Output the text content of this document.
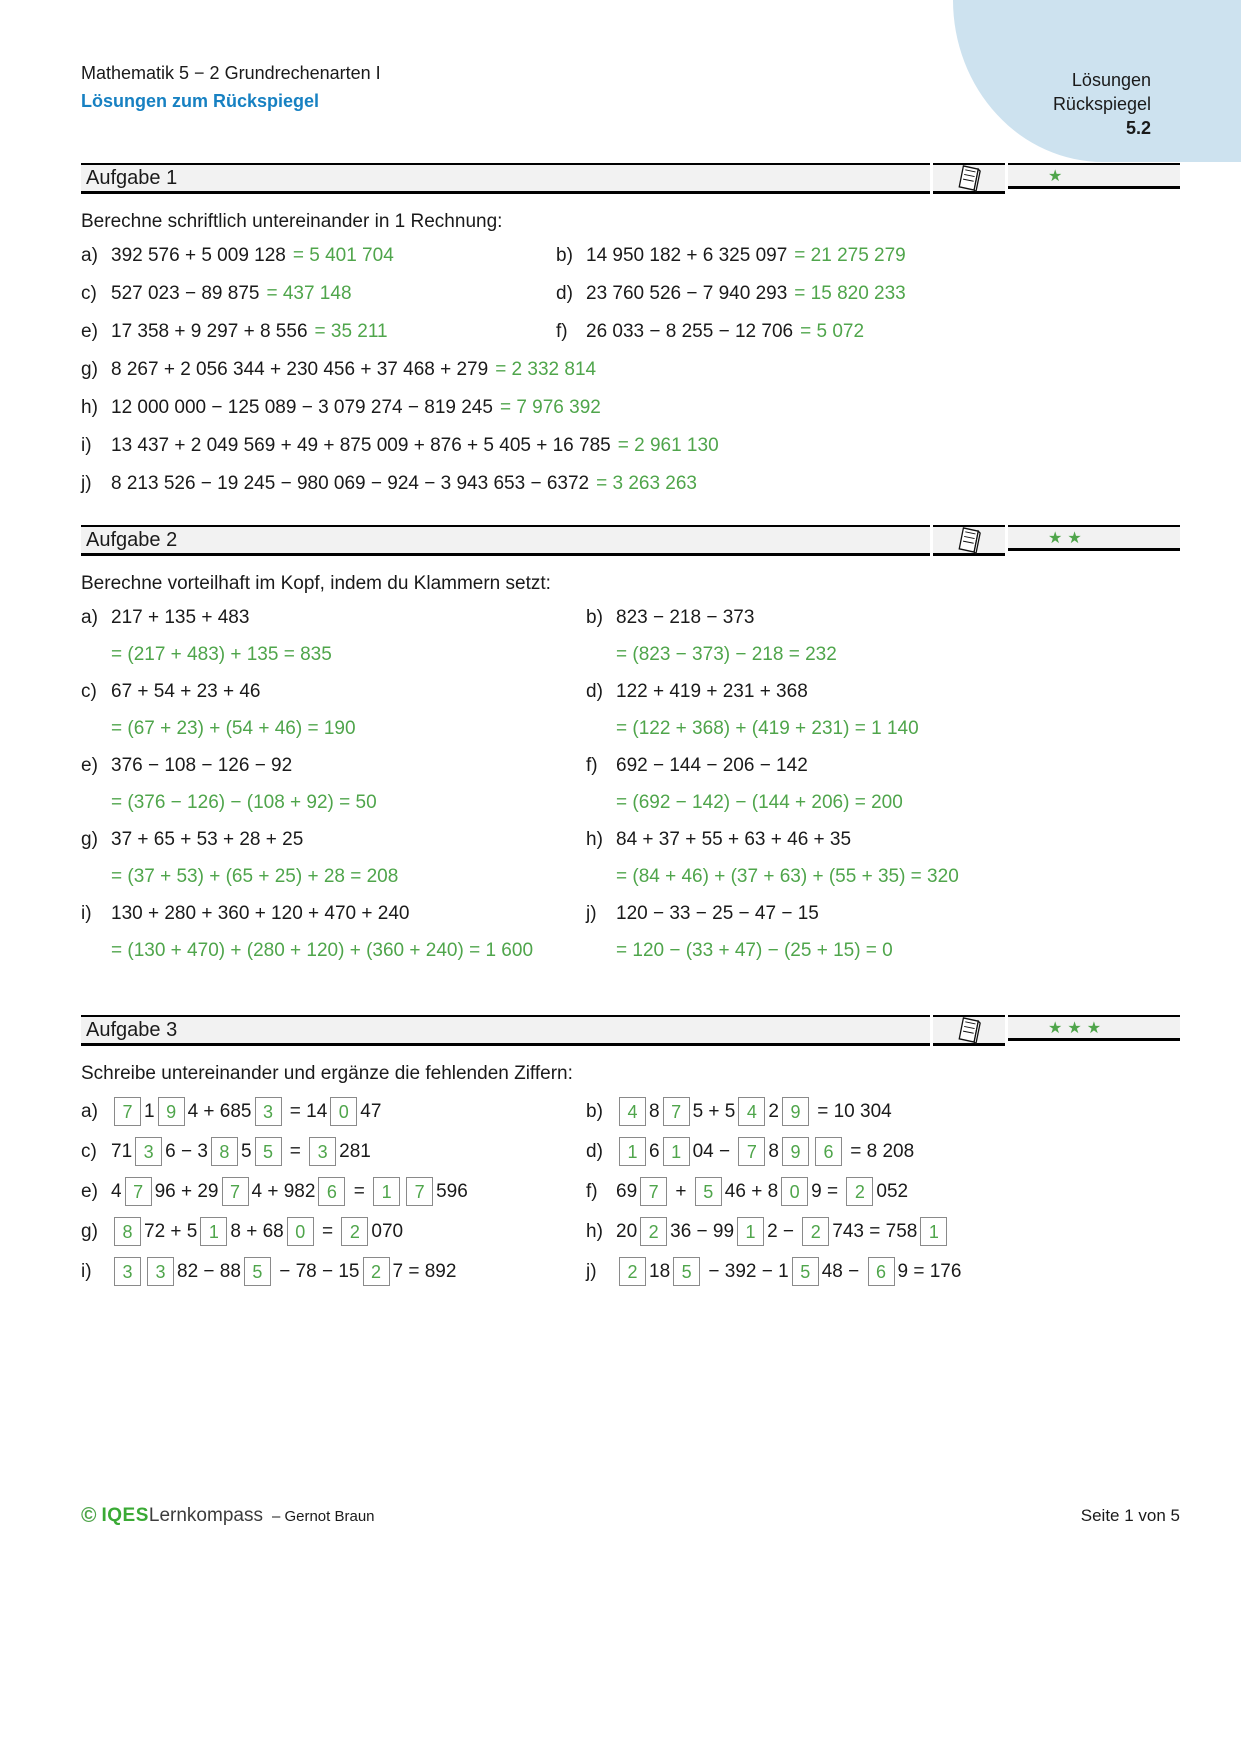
Lösungen
Rückspiegel
5.2
Mathematik 5 − 2 Grundrechenarten I
Lösungen zum Rückspiegel
Aufgabe 1	★

Berechne schriftlich untereinander in 1 Rechnung:

a) 392 576 + 5 009 128 = 5 401 704	b) 14 950 182 + 6 325 097 = 21 275 279
c) 527 023 − 89 875 = 437 148	d) 23 760 526 − 7 940 293 = 15 820 233
e) 17 358 + 9 297 + 8 556 = 35 211	f) 26 033 − 8 255 − 12 706 = 5 072
g) 8 267 + 2 056 344 + 230 456 + 37 468 + 279 = 2 332 814
h) 12 000 000 − 125 089 − 3 079 274 − 819 245 = 7 976 392
i)	13 437 + 2 049 569 + 49 + 875 009 + 876 + 5 405 + 16 785 = 2 961 130
j)	8 213 526 − 19 245 − 980 069 − 924 − 3 943 653 − 6372 = 3 263 263
Aufgabe 2	★★

Berechne vorteilhaft im Kopf, indem du Klammern setzt:

a) 217 + 135 + 483
= (217 + 483) + 135 = 835
b) 823 − 218 − 373
= (823 − 373) − 218 = 232
c) 67 + 54 + 23 + 46
= (67 + 23) + (54 + 46) = 190
d) 122 + 419 + 231 + 368
= (122 + 368) + (419 + 231) = 1 140
e) 376 − 108 − 126 − 92
= (376 − 126) − (108 + 92) = 50
f) 692 − 144 − 206 − 142
= (692 − 142) − (144 + 206) = 200
g) 37 + 65 + 53 + 28 + 25
= (37 + 53) + (65 + 25) + 28 = 208
h) 84 + 37 + 55 + 63 + 46 + 35
= (84 + 46) + (37 + 63) + (55 + 35) = 320
i)	130 + 280 + 360 + 120 + 470 + 240
= (130 + 470) + (280 + 120) + (360 + 240) = 1 600
j)	120 − 33 − 25 − 47 − 15
= 120 − (33 + 47) − (25 + 15) = 0
Aufgabe 3	★★★

Schreibe untereinander und ergänze die fehlenden Ziffern:

a)	7 1 9 4 + 685 3 = 14 0 47	b)	4 8 7 5 + 5 4 2 9 = 10 304
c) 71 3 6 − 3 8 5 5 = 3 281	d)	1 6 1 04 − 7 8 9	6 = 8 208
e) 4 7 96 + 29 7 4 + 982 6 = 1	7 596	f) 69 7 + 5 46 + 8 0 9 = 2 052
g)	8 72 + 5 1 8 + 68 0 = 2 070	h) 20 2 36 − 99 1 2 − 2 743 = 758 1
i)	3	3 82 − 88 5 − 78 − 15 2 7 = 892	j)	2 18 5 − 392 − 1 5 48 − 6 9 = 176
© IQES Lernkompass – Gernot Braun	Seite 1 von 5
